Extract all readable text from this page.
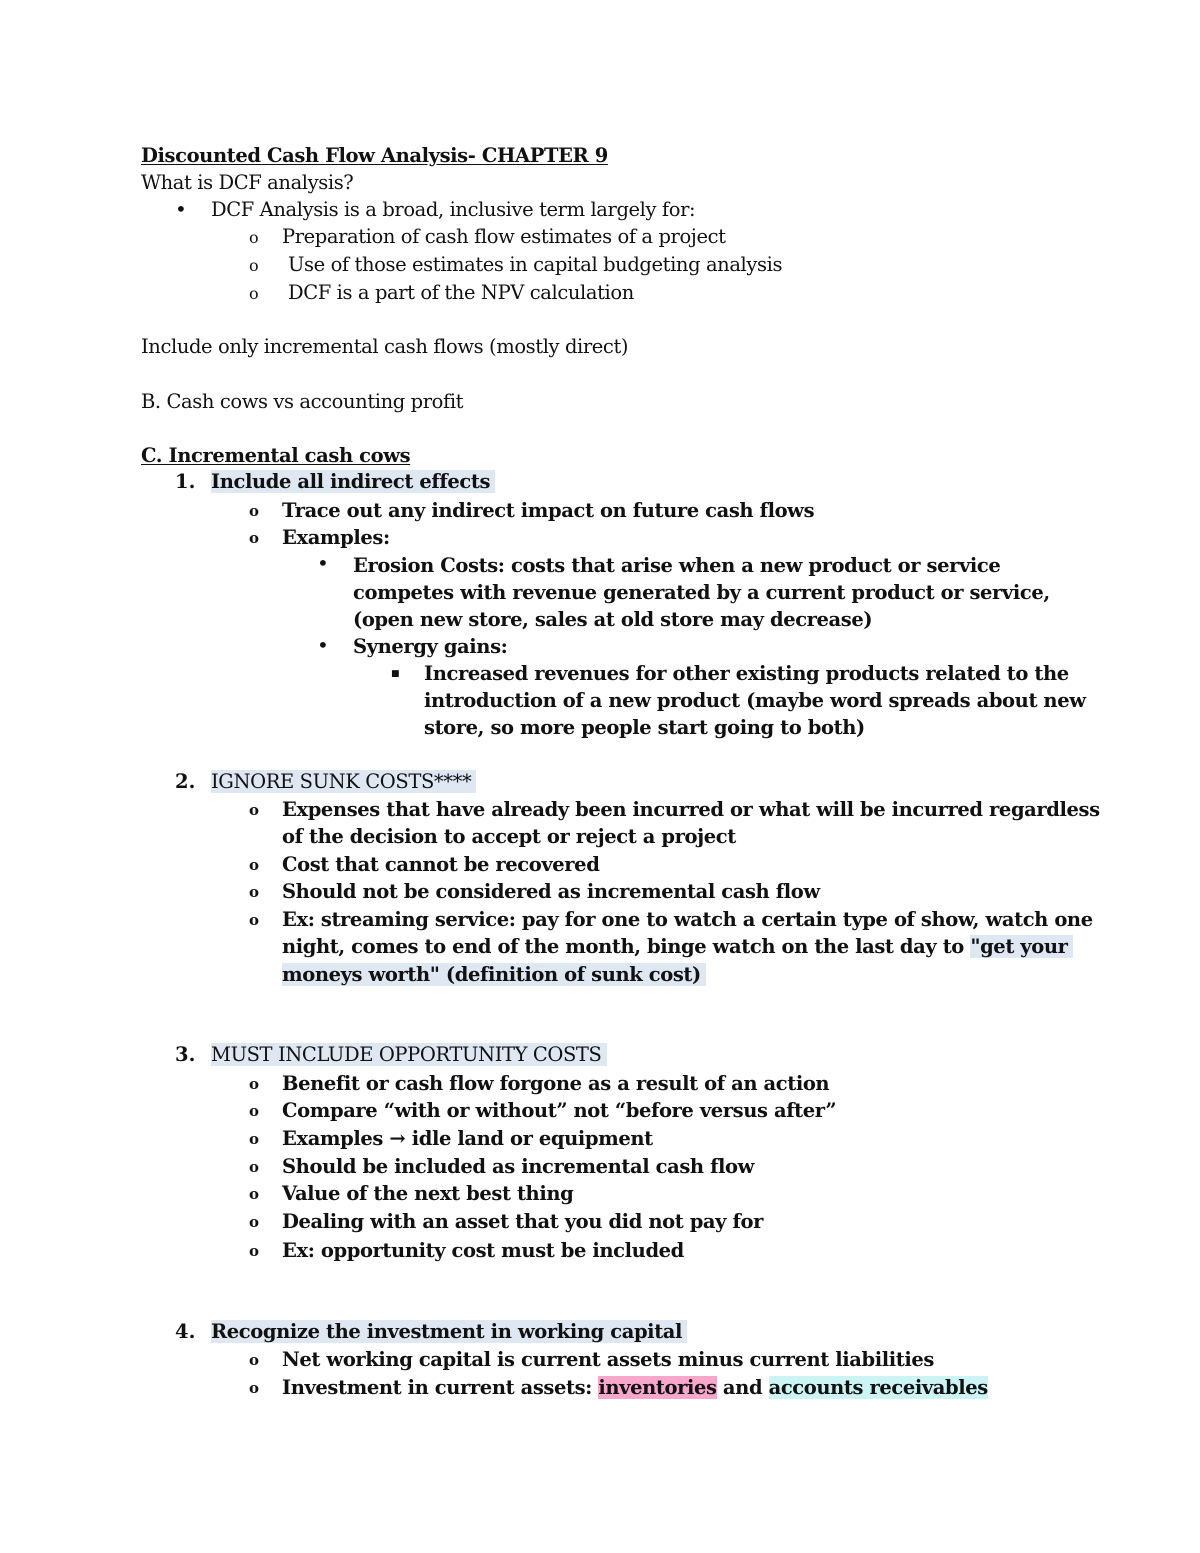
Discounted Cash Flow Analysis- CHAPTER 9
What is DCF analysis?
• DCF Analysis is a broad, inclusive term largely for:
o Preparation of cash flow estimates of a project
o Use of those estimates in capital budgeting analysis
o DCF is a part of the NPV calculation
Include only incremental cash flows (mostly direct)
B. Cash cows vs accounting profit
C. Incremental cash cows
1. Include all indirect effects
o Trace out any indirect impact on future cash flows
o Examples:
• Erosion Costs: costs that arise when a new product or service
competes with revenue generated by a current product or service,
(open new store, sales at old store may decrease)
• Synergy gains:
■ Increased revenues for other existing products related to the
introduction of a new product (maybe word spreads about new
store, so more people start going to both)
2. IGNORE SUNK COSTS****
o Expenses that have already been incurred or what will be incurred regardless
of the decision to accept or reject a project
o Cost that cannot be recovered
o Should not be considered as incremental cash flow
o Ex: streaming service: pay for one to watch a certain type of show, watch one
night, comes to end of the month, binge watch on the last day to "get your
moneys worth" (definition of sunk cost)
3. MUST INCLUDE OPPORTUNITY COSTS
o Benefit or cash flow forgone as a result of an action
o Compare “with or without” not “before versus after”
o Examples → idle land or equipment
o Should be included as incremental cash flow
o Value of the next best thing
o Dealing with an asset that you did not pay for
o Ex: opportunity cost must be included
4. Recognize the investment in working capital
o Net working capital is current assets minus current liabilities
o Investment in current assets: inventories and accounts receivables
